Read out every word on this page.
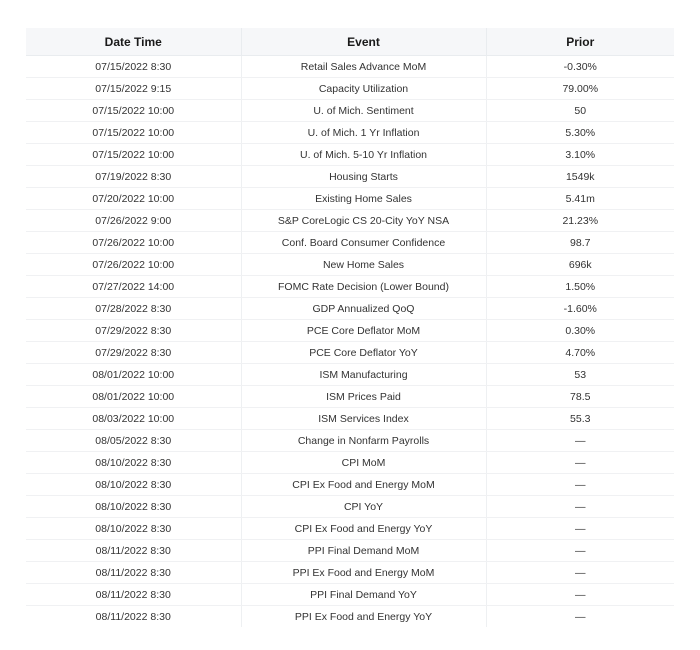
Date Time	Event	Prior
07/15/2022 8:30	Retail Sales Advance MoM	-0.30%
07/15/2022 9:15	Capacity Utilization	79.00%
07/15/2022 10:00	U. of Mich. Sentiment	50
07/15/2022 10:00	U. of Mich. 1 Yr Inflation	5.30%
07/15/2022 10:00	U. of Mich. 5-10 Yr Inflation	3.10%
07/19/2022 8:30	Housing Starts	1549k
07/20/2022 10:00	Existing Home Sales	5.41m
07/26/2022 9:00	S&P CoreLogic CS 20-City YoY NSA	21.23%
07/26/2022 10:00	Conf. Board Consumer Confidence	98.7
07/26/2022 10:00	New Home Sales	696k
07/27/2022 14:00	FOMC Rate Decision (Lower Bound)	1.50%
07/28/2022 8:30	GDP Annualized QoQ	-1.60%
07/29/2022 8:30	PCE Core Deflator MoM	0.30%
07/29/2022 8:30	PCE Core Deflator YoY	4.70%
08/01/2022 10:00	ISM Manufacturing	53
08/01/2022 10:00	ISM Prices Paid	78.5
08/03/2022 10:00	ISM Services Index	55.3
08/05/2022 8:30	Change in Nonfarm Payrolls	—
08/10/2022 8:30	CPI MoM	—
08/10/2022 8:30	CPI Ex Food and Energy MoM	—
08/10/2022 8:30	CPI YoY	—
08/10/2022 8:30	CPI Ex Food and Energy YoY	—
08/11/2022 8:30	PPI Final Demand MoM	—
08/11/2022 8:30	PPI Ex Food and Energy MoM	—
08/11/2022 8:30	PPI Final Demand YoY	—
08/11/2022 8:30	PPI Ex Food and Energy YoY	—
